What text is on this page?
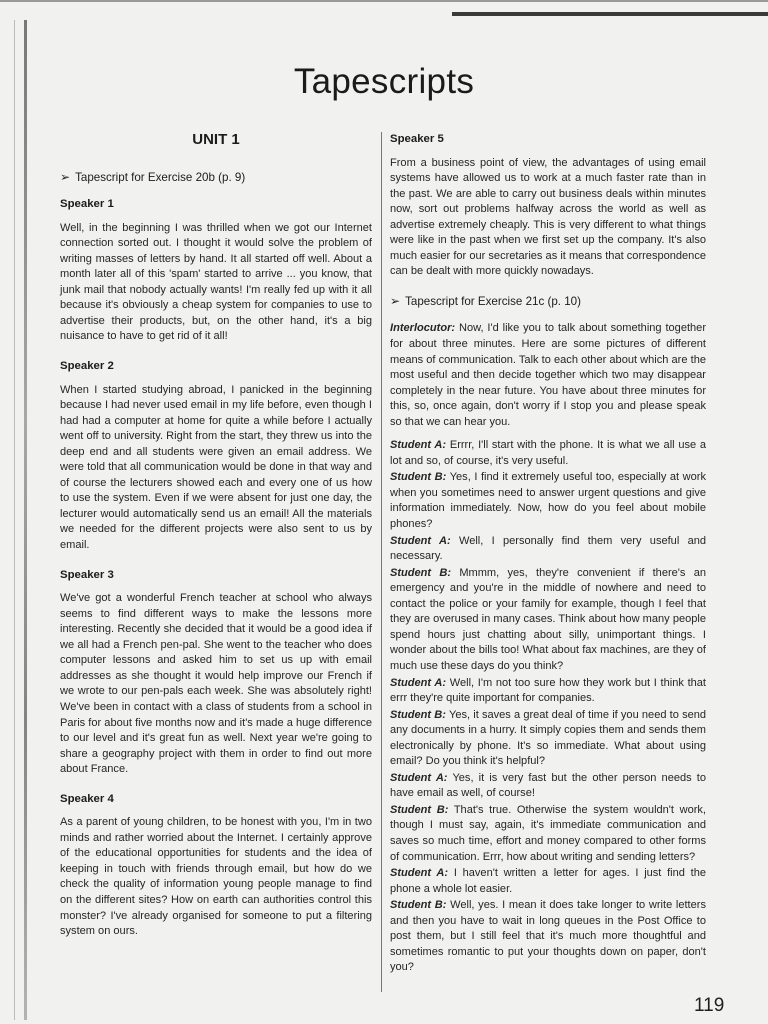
Tapescripts
UNIT 1
➢ Tapescript for Exercise 20b (p. 9)
Speaker 1

Well, in the beginning I was thrilled when we got our Internet connection sorted out. I thought it would solve the problem of writing masses of letters by hand. It all started off well. About a month later all of this 'spam' started to arrive ... you know, that junk mail that nobody actually wants! I'm really fed up with it all because it's obviously a cheap system for companies to use to advertise their products, but, on the other hand, it's a big nuisance to have to get rid of it all!

Speaker 2

When I started studying abroad, I panicked in the beginning because I had never used email in my life before, even though I had had a computer at home for quite a while before I actually went off to university. Right from the start, they threw us into the deep end and all students were given an email address. We were told that all communication would be done in that way and of course the lecturers showed each and every one of us how to use the system. Even if we were absent for just one day, the lecturer would automatically send us an email! All the materials we needed for the different projects were also sent to us by email.

Speaker 3

We've got a wonderful French teacher at school who always seems to find different ways to make the lessons more interesting. Recently she decided that it would be a good idea if we all had a French pen-pal. She went to the teacher who does computer lessons and asked him to set us up with email addresses as she thought it would help improve our French if we wrote to our pen-pals each week. She was absolutely right! We've been in contact with a class of students from a school in Paris for about five months now and it's made a huge difference to our level and it's great fun as well. Next year we're going to share a geography project with them in order to find out more about France.

Speaker 4

As a parent of young children, to be honest with you, I'm in two minds and rather worried about the Internet. I certainly approve of the educational opportunities for students and the idea of keeping in touch with friends through email, but how do we check the quality of information young people manage to find on the different sites? How on earth can authorities control this monster? I've already organised for someone to put a filtering system on ours.

Speaker 5

From a business point of view, the advantages of using email systems have allowed us to work at a much faster rate than in the past. We are able to carry out business deals within minutes now, sort out problems halfway across the world as well as advertise extremely cheaply. This is very different to what things were like in the past when we first set up the company. It's also much easier for our secretaries as it means that correspondence can be dealt with more quickly nowadays.

➢ Tapescript for Exercise 21c (p. 10)

Interlocutor: Now, I'd like you to talk about something together for about three minutes. Here are some pictures of different means of communication. Talk to each other about which are the most useful and then decide together which two may disappear completely in the near future. You have about three minutes for this, so, once again, don't worry if I stop you and please speak so that we can hear you.

Student A: Errrr, I'll start with the phone. It is what we all use a lot and so, of course, it's very useful.

Student B: Yes, I find it extremely useful too, especially at work when you sometimes need to answer urgent questions and give information immediately. Now, how do you feel about mobile phones?

Student A: Well, I personally find them very useful and necessary.

Student B: Mmmm, yes, they're convenient if there's an emergency and you're in the middle of nowhere and need to contact the police or your family for example, though I feel that they are overused in many cases. Think about how many people spend hours just chatting about silly, unimportant things. I wonder about the bills too! What about fax machines, are they of much use these days do you think?

Student A: Well, I'm not too sure how they work but I think that errr they're quite important for companies.

Student B: Yes, it saves a great deal of time if you need to send any documents in a hurry. It simply copies them and sends them electronically by phone. It's so immediate. What about using email? Do you think it's helpful?

Student A: Yes, it is very fast but the other person needs to have email as well, of course!

Student B: That's true. Otherwise the system wouldn't work, though I must say, again, it's immediate communication and saves so much time, effort and money compared to other forms of communication. Errr, how about writing and sending letters?

Student A: I haven't written a letter for ages. I just find the phone a whole lot easier.

Student B: Well, yes. I mean it does take longer to write letters and then you have to wait in long queues in the Post Office to post them, but I still feel that it's much more thoughtful and sometimes romantic to put your thoughts down on paper, don't you?

119
